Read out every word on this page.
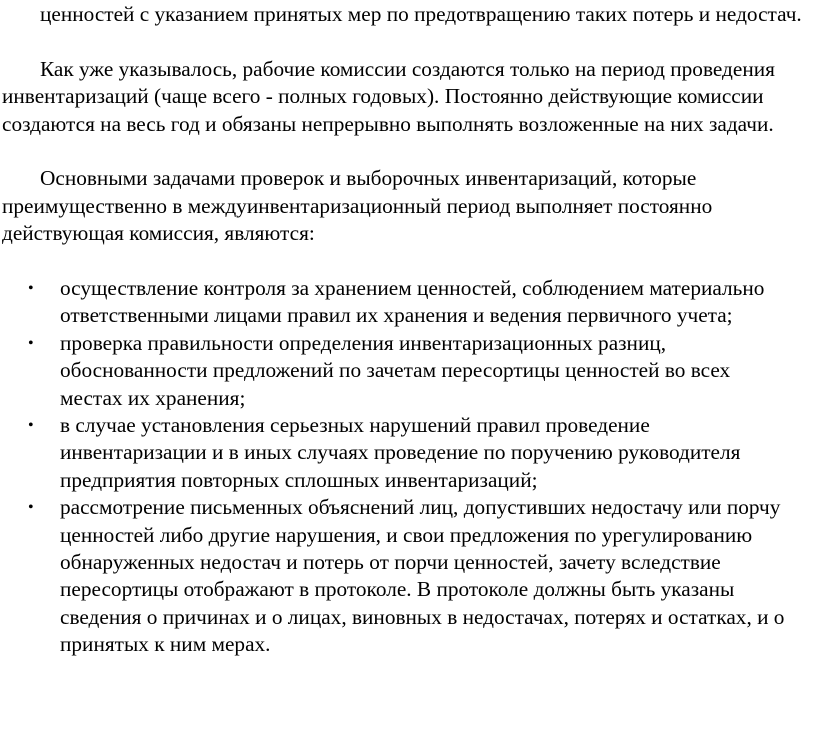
ценностей с указанием принятых мер по предотвращению таких потерь и недостач.

Как уже указывалось, рабочие комиссии создаются только на период проведения инвентаризаций (чаще всего - полных годовых). Постоянно действующие комиссии создаются на весь год и обязаны непрерывно выполнять возложенные на них задачи.

Основными задачами проверок и выборочных инвентаризаций, которые преимущественно в междуинвентаризационный период выполняет постоянно действующая комиссия, являются:

• осуществление контроля за хранением ценностей, соблюдением материально ответственными лицами правил их хранения и ведения первичного учета;
• проверка правильности определения инвентаризационных разниц, обоснованности предложений по зачетам пересортицы ценностей во всех местах их хранения;
• в случае установления серьезных нарушений правил проведение инвентаризации и в иных случаях проведение по поручению руководителя предприятия повторных сплошных инвентаризаций;
• рассмотрение письменных объяснений лиц, допустивших недостачу или порчу ценностей либо другие нарушения, и свои предложения по урегулированию обнаруженных недостач и потерь от порчи ценностей, зачету вследствие пересортицы отображают в протоколе. В протоколе должны быть указаны сведения о причинах и о лицах, виновных в недостачах, потерях и остатках, и о принятых к ним мерах.
